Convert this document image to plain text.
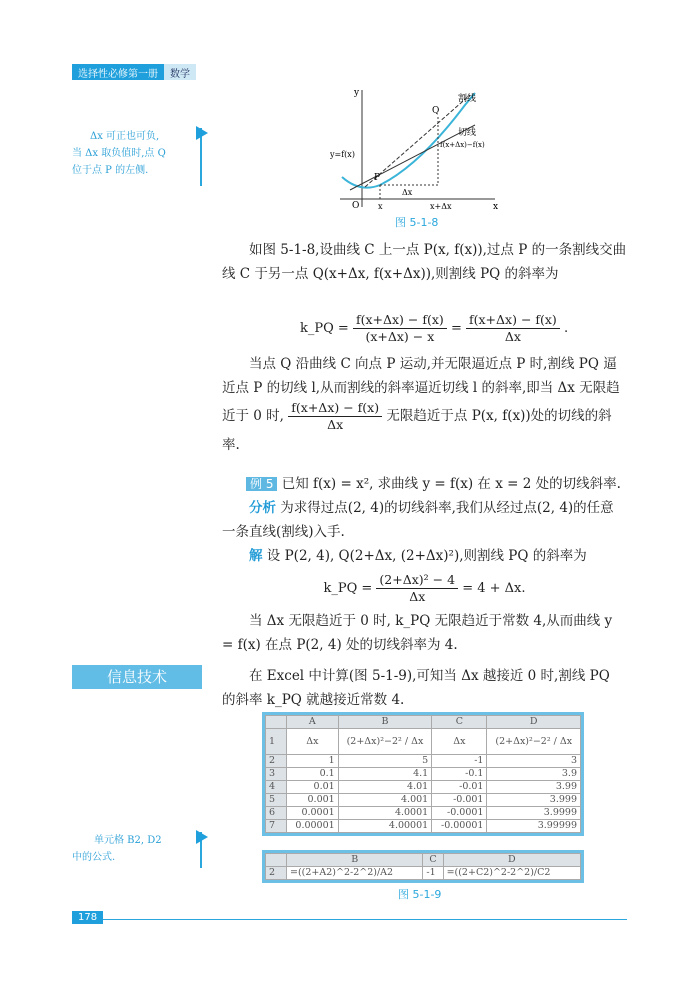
选择性必修第一册	数学
Δx 可正也可负,
当 Δx 取负值时,点 Q
位于点 P 的左侧.
y
x
O
P
Q
割线
切线
y=f(x)
f(x+Δx)−f(x)
Δx
x	x+Δx
图 5-1-8
如图 5-1-8,设曲线 C 上一点 P(x, f(x)),过点 P 的一条割线交曲线 C 于另一点 Q(x+Δx, f(x+Δx)),则割线 PQ 的斜率为
k_PQ = $\frac{f(x+\Delta x) - f(x)}{(x+\Delta x) - x} = \frac{f(x+\Delta x) - f(x)}{\Delta x}$ .
当点 Q 沿曲线 C 向点 P 运动,并无限逼近点 P 时,割线 PQ 逼近点 P 的切线 l,从而割线的斜率逼近切线 l 的斜率,即当 Δx 无限趋近于 0 时, $\frac{f(x+\Delta x) - f(x)}{\Delta x}$ 无限趋近于点 P(x, f(x))处的切线的斜率.
例 5 已知 f(x) = x², 求曲线 y = f(x) 在 x = 2 处的切线斜率.
分析 为求得过点(2, 4)的切线斜率,我们从经过点(2, 4)的任意一条直线(割线)入手.
解 设 P(2, 4), Q(2+Δx, (2+Δx)²),则割线 PQ 的斜率为
k_PQ = $\frac{\text{(2+Δx)² − 4}}{\Delta x} = 4 + \Delta x$.
当 Δx 无限趋近于 0 时, k_PQ 无限趋近于常数 4,从而曲线 y = f(x) 在点 P(2, 4) 处的切线斜率为 4.
信息技术	在 Excel 中计算(图 5-1-9),可知当 Δx 越接近 0 时,割线 PQ 的斜率 k_PQ 就越接近常数 4.
	A	B	C	D
1	Δx	(2+Δx)²−2² / Δx	Δx	(2+Δx)²−2² / Δx
2	1	5	-1	3
3	0.1	4.1	-0.1	3.9
4	0.01	4.01	-0.01	3.99
5	0.001	4.001	-0.001	3.999
6	0.0001	4.0001	-0.0001	3.9999
7	0.00001	4.00001	-0.00001	3.99999
	B	C	D
2	=((2+A2)^2-2^2)/A2	-1	=((2+C2)^2-2^2)/C2
图 5-1-9
单元格 B2, D2
中的公式.
178
